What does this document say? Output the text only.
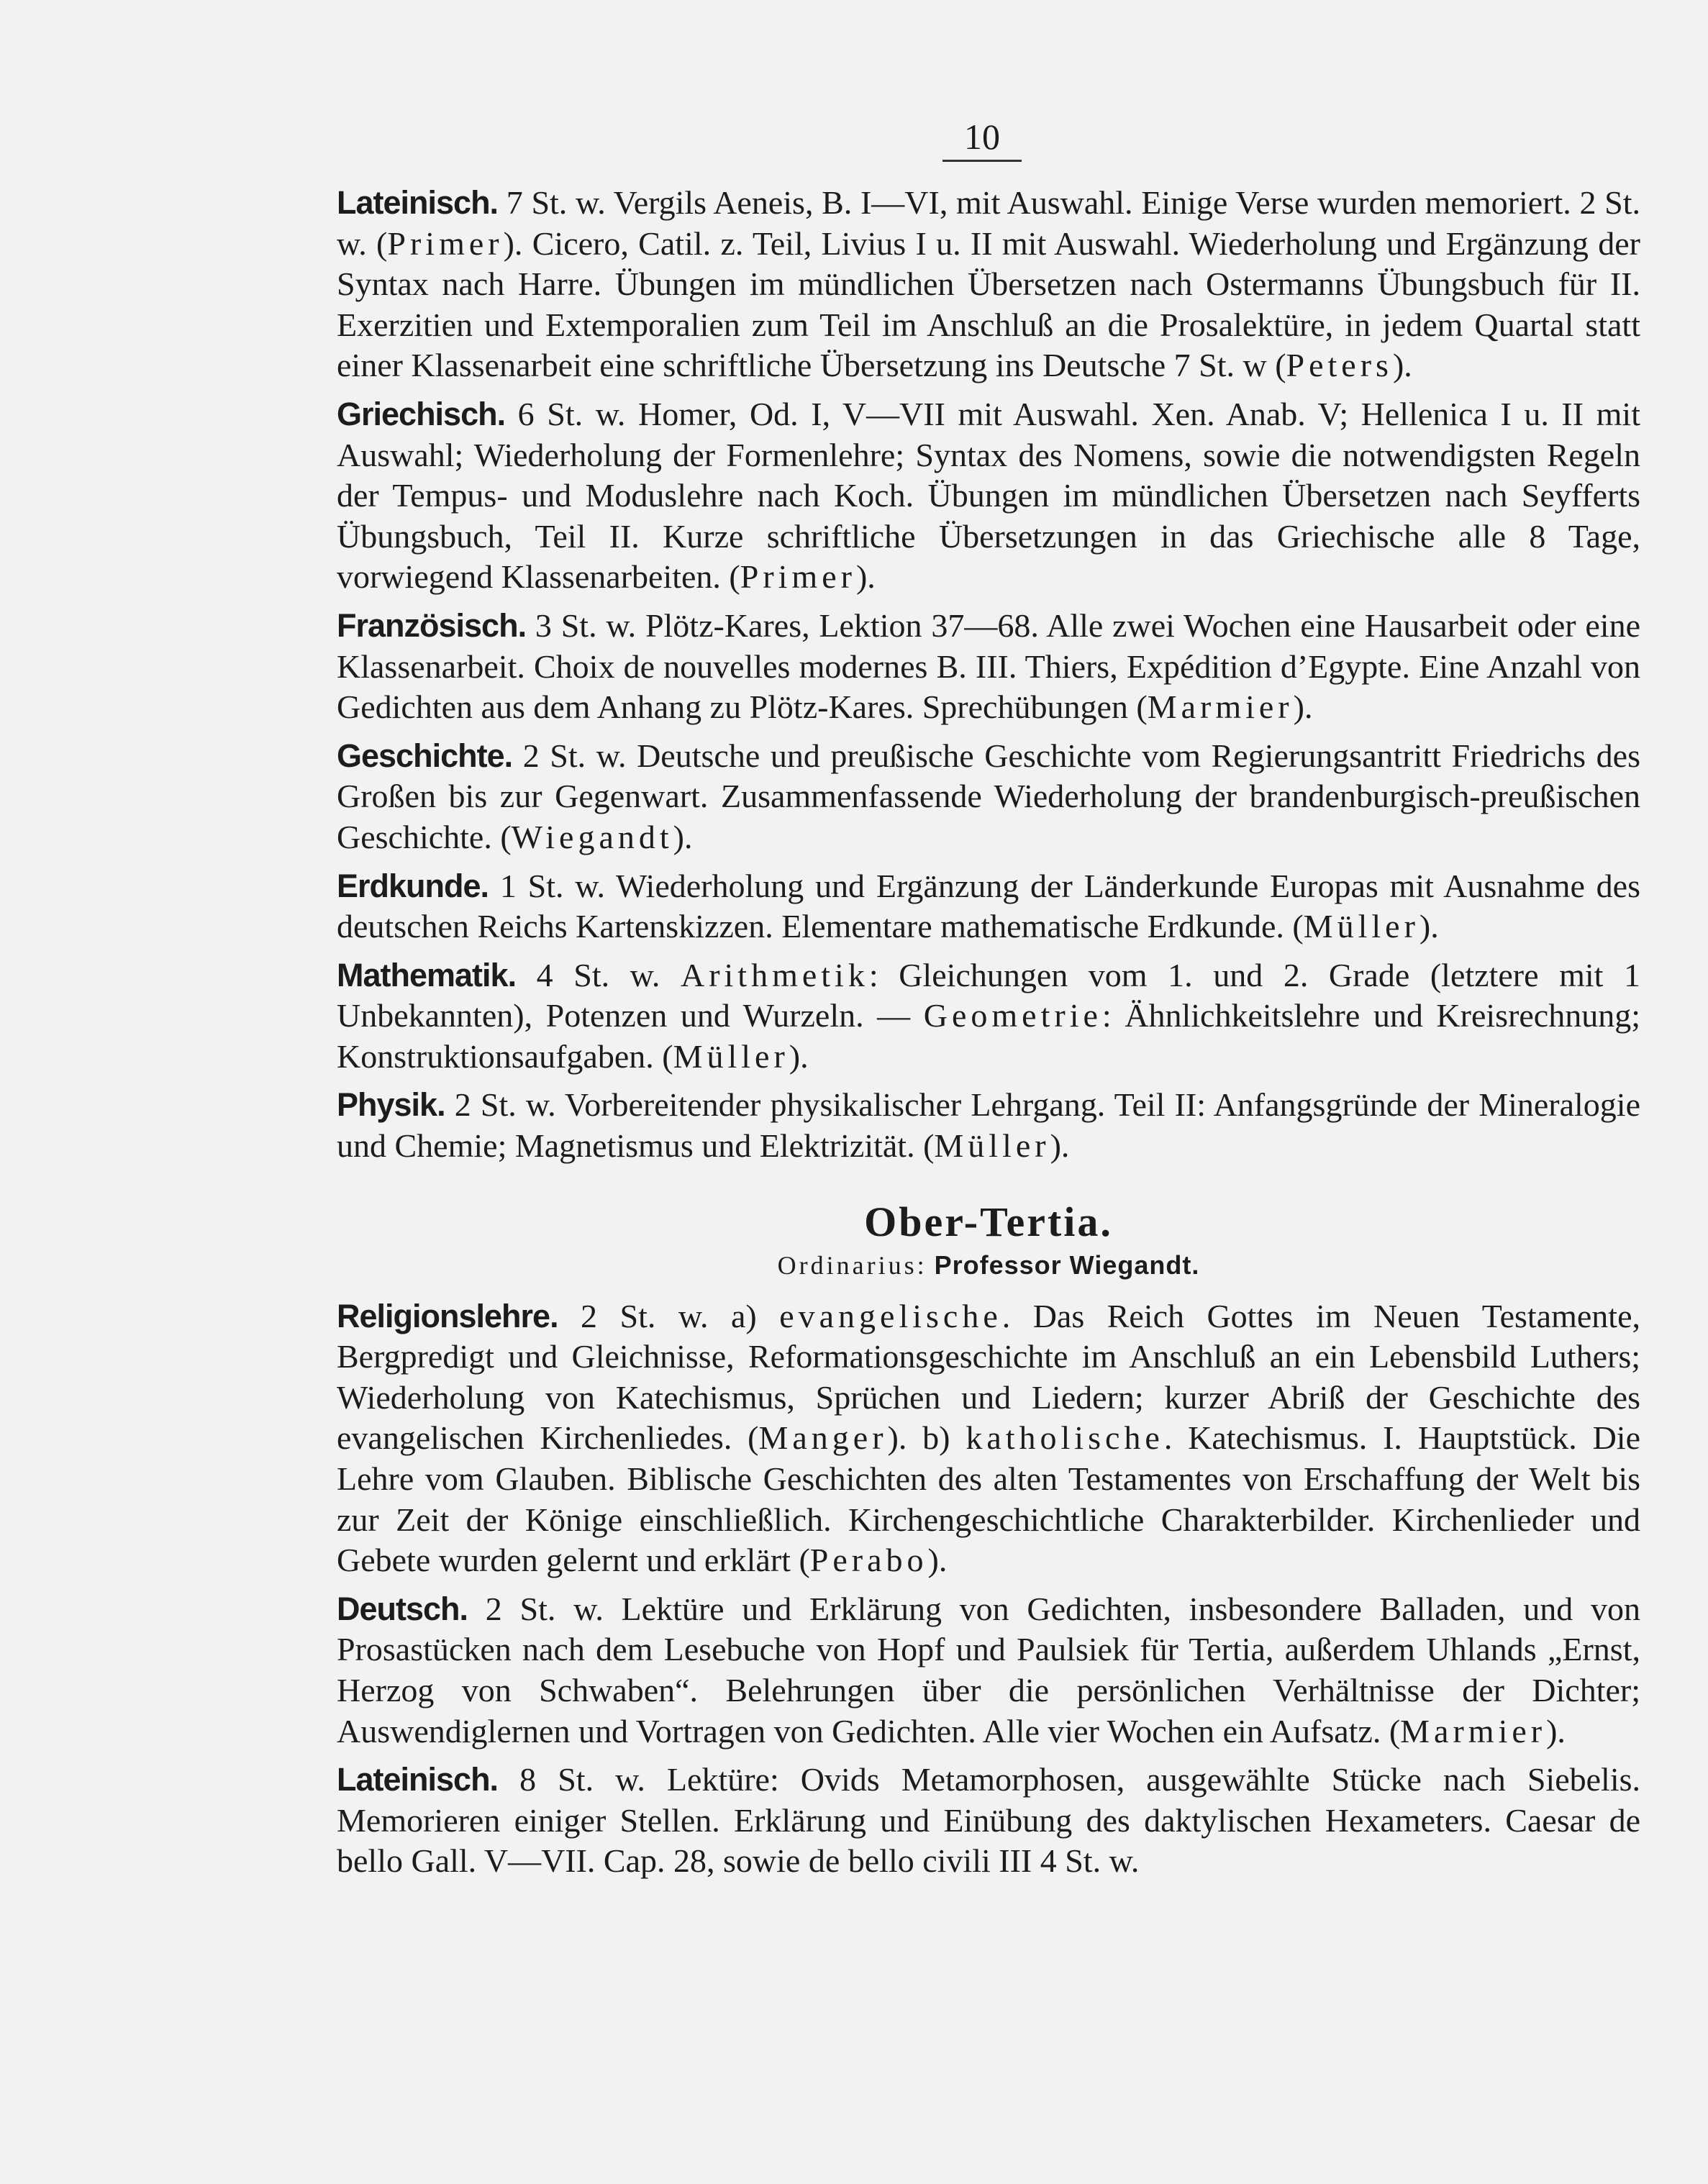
10

Lateinisch. 7 St. w. Vergils Aeneis, B. I—VI, mit Auswahl. Einige Verse wurden memoriert. 2 St. w. (Primer). Cicero, Catil. z. Teil, Livius I u. II mit Auswahl. Wiederholung und Ergänzung der Syntax nach Harre. Übungen im mündlichen Übersetzen nach Ostermanns Übungsbuch für II. Exerzitien und Extemporalien zum Teil im Anschluß an die Prosalektüre, in jedem Quartal statt einer Klassenarbeit eine schriftliche Übersetzung ins Deutsche 7 St. w (Peters).

Griechisch. 6 St. w. Homer, Od. I, V—VII mit Auswahl. Xen. Anab. V; Hellenica I u. II mit Auswahl; Wiederholung der Formenlehre; Syntax des Nomens, sowie die notwendigsten Regeln der Tempus- und Moduslehre nach Koch. Übungen im mündlichen Übersetzen nach Seyfferts Übungsbuch, Teil II. Kurze schriftliche Übersetzungen in das Griechische alle 8 Tage, vorwiegend Klassenarbeiten. (Primer).

Französisch. 3 St. w. Plötz-Kares, Lektion 37—68. Alle zwei Wochen eine Hausarbeit oder eine Klassenarbeit. Choix de nouvelles modernes B. III. Thiers, Expédition d’Egypte. Eine Anzahl von Gedichten aus dem Anhang zu Plötz-Kares. Sprechübungen (Marmier).

Geschichte. 2 St. w. Deutsche und preußische Geschichte vom Regierungsantritt Friedrichs des Großen bis zur Gegenwart. Zusammenfassende Wiederholung der brandenburgisch-preußischen Geschichte. (Wiegandt).

Erdkunde. 1 St. w. Wiederholung und Ergänzung der Länderkunde Europas mit Ausnahme des deutschen Reichs Kartenskizzen. Elementare mathematische Erdkunde. (Müller).

Mathematik. 4 St. w. Arithmetik: Gleichungen vom 1. und 2. Grade (letztere mit 1 Unbekannten), Potenzen und Wurzeln. — Geometrie: Ähnlichkeitslehre und Kreisrechnung; Konstruktionsaufgaben. (Müller).

Physik. 2 St. w. Vorbereitender physikalischer Lehrgang. Teil II: Anfangsgründe der Mineralogie und Chemie; Magnetismus und Elektrizität. (Müller).

Ober-Tertia.
Ordinarius: Professor Wiegandt.

Religionslehre. 2 St. w. a) evangelische. Das Reich Gottes im Neuen Testamente, Bergpredigt und Gleichnisse, Reformationsgeschichte im Anschluß an ein Lebensbild Luthers; Wiederholung von Katechismus, Sprüchen und Liedern; kurzer Abriß der Geschichte des evangelischen Kirchenliedes. (Manger). b) katholische. Katechismus. I. Hauptstück. Die Lehre vom Glauben. Biblische Geschichten des alten Testamentes von Erschaffung der Welt bis zur Zeit der Könige einschließlich. Kirchengeschichtliche Charakterbilder. Kirchenlieder und Gebete wurden gelernt und erklärt (Perabo).

Deutsch. 2 St. w. Lektüre und Erklärung von Gedichten, insbesondere Balladen, und von Prosastücken nach dem Lesebuche von Hopf und Paulsiek für Tertia, außerdem Uhlands „Ernst, Herzog von Schwaben“. Belehrungen über die persönlichen Verhältnisse der Dichter; Auswendiglernen und Vortragen von Gedichten. Alle vier Wochen ein Aufsatz. (Marmier).

Lateinisch. 8 St. w. Lektüre: Ovids Metamorphosen, ausgewählte Stücke nach Siebelis. Memorieren einiger Stellen. Erklärung und Einübung des daktylischen Hexameters. Caesar de bello Gall. V—VII. Cap. 28, sowie de bello civili III 4 St. w.
